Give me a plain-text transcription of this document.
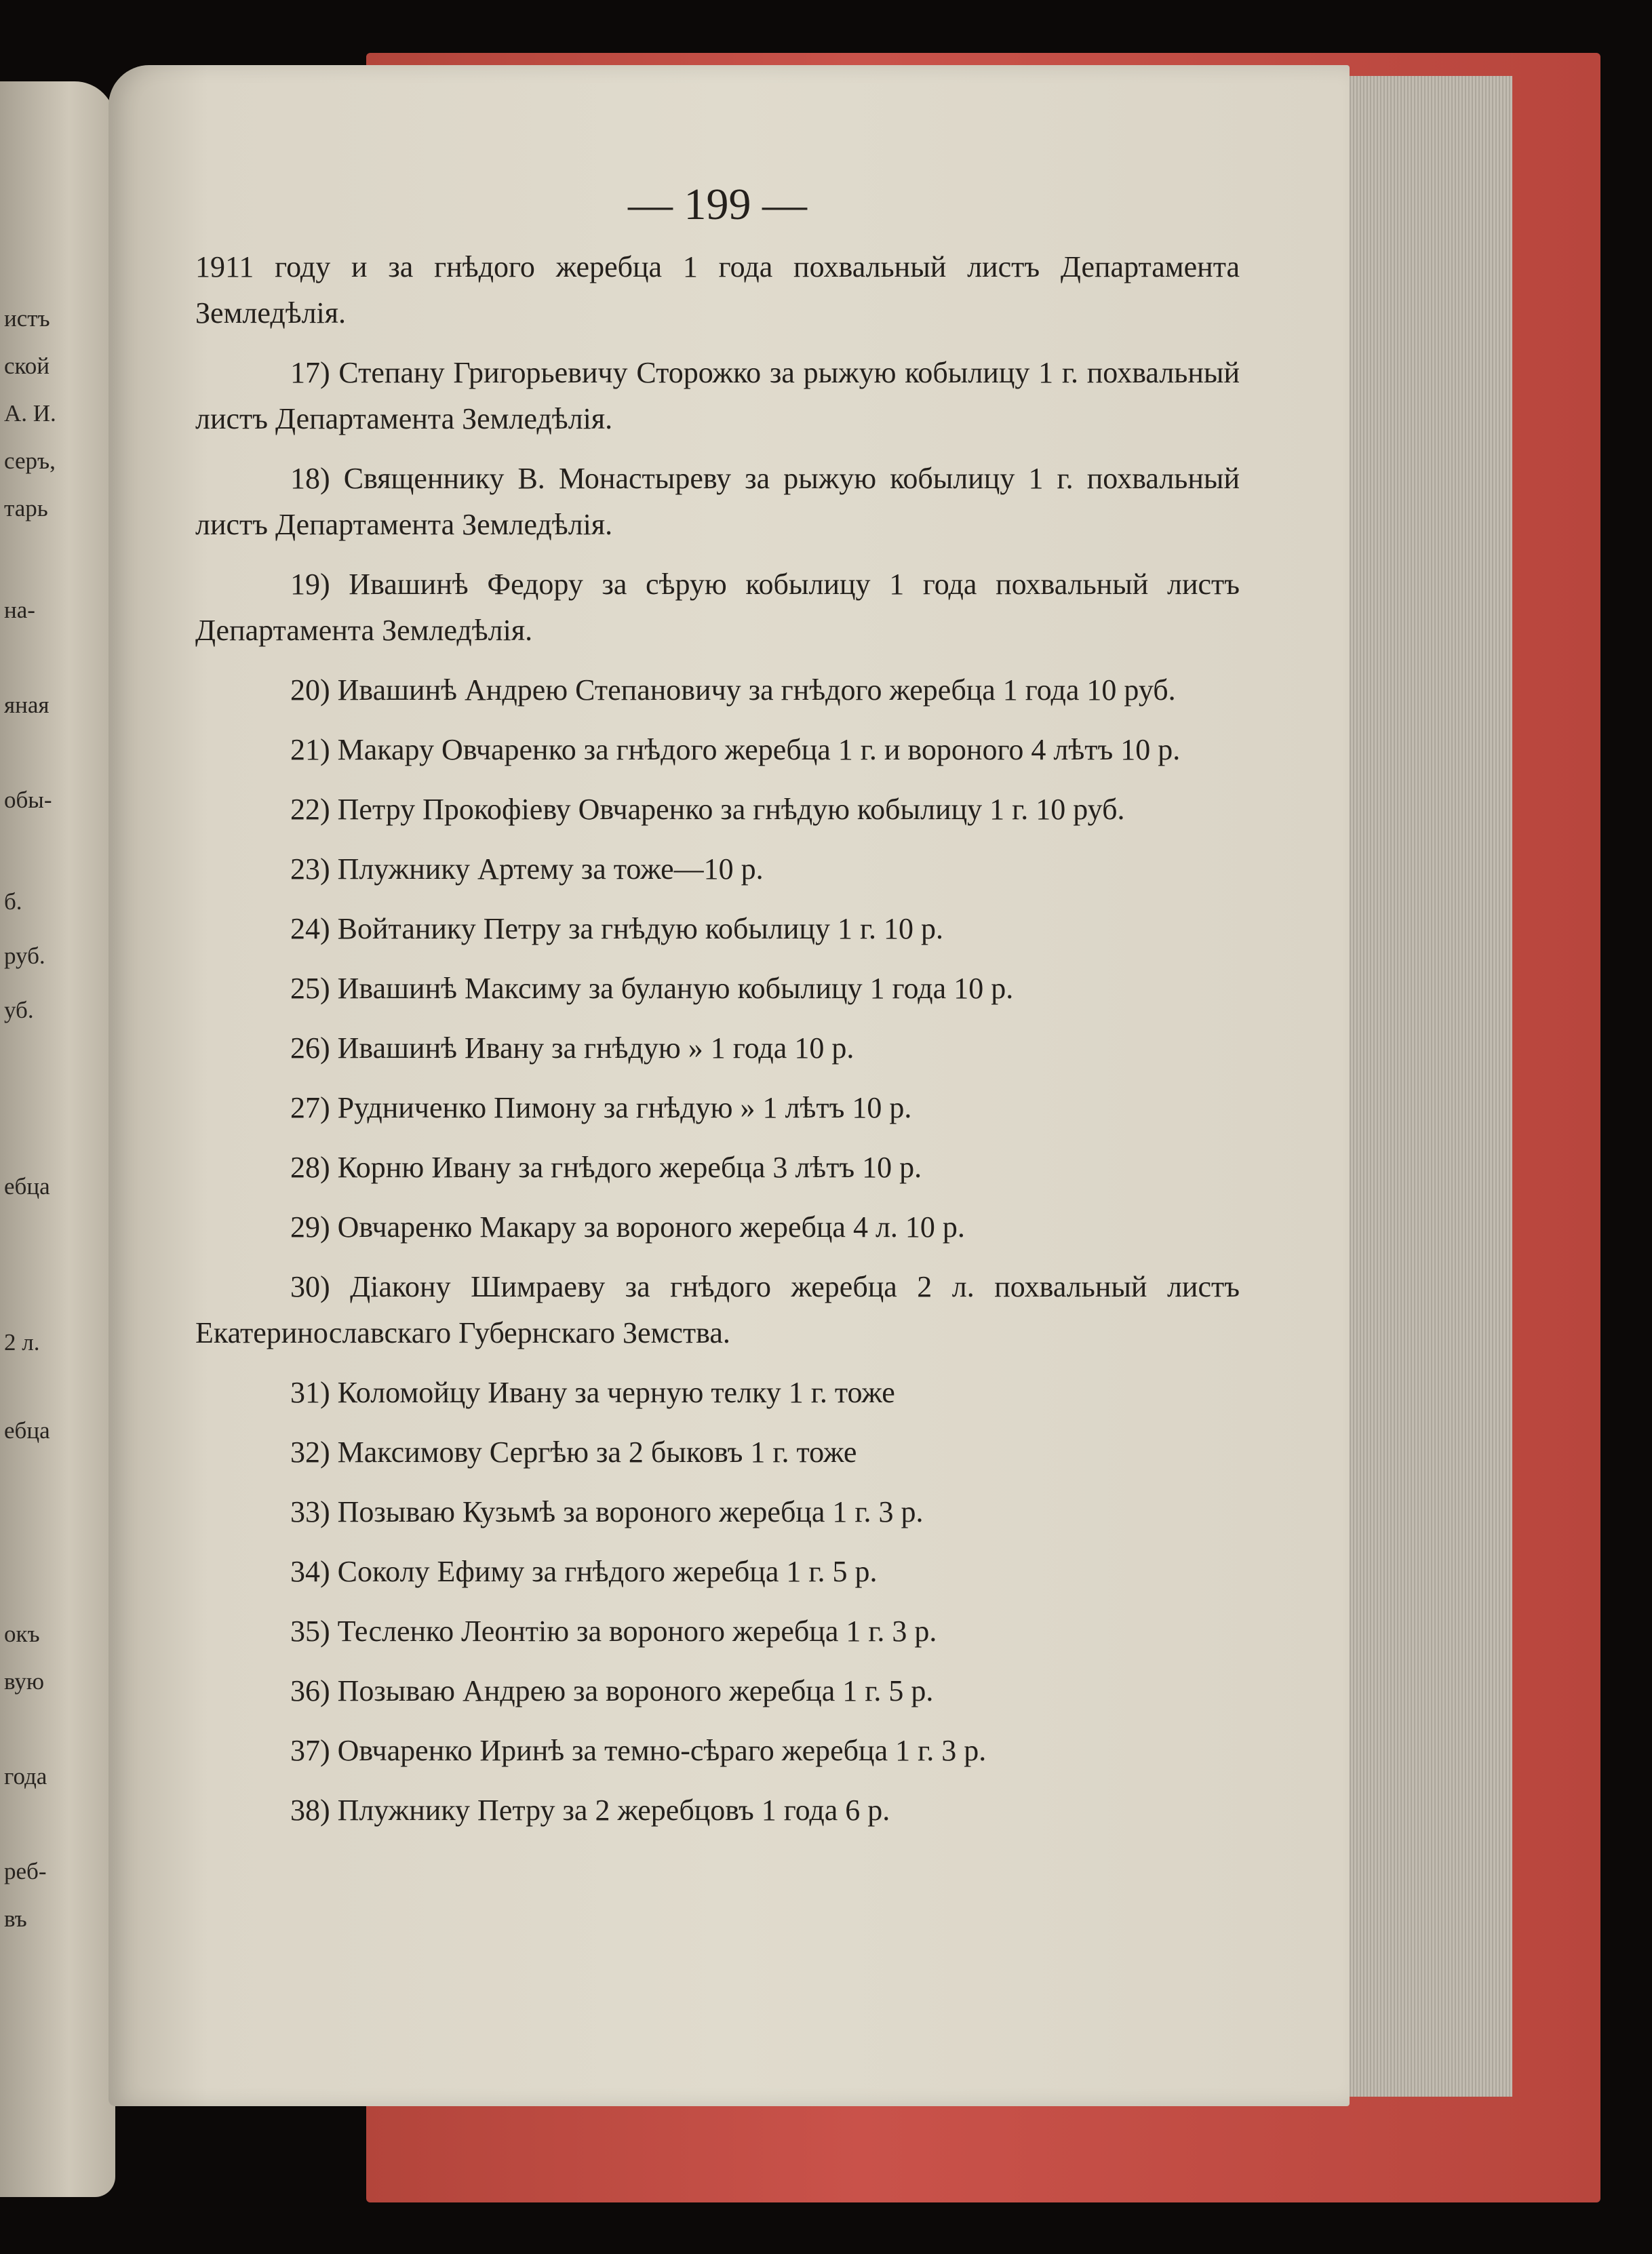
истъ
ской
А. И.
серъ,
тарь
на-
яная
обы-
б.
руб.
уб.
ебца
2 л.
ебца
окъ
вую
года
реб-
въ
— 199 —
1911 году и за гнѣдого жеребца 1 года похвальный листъ Департамента Земледѣлія.
17) Степану Григорьевичу Сторожко за рыжую кобылицу 1 г. похвальный листъ Департамента Земледѣлія.
18) Священнику В. Монастыреву за рыжую кобылицу 1 г. похвальный листъ Департамента Земледѣлія.
19) Ивашинѣ Федору за сѣрую кобылицу 1 года похвальный листъ Департамента Земледѣлія.
20) Ивашинѣ Андрею Степановичу за гнѣдого жеребца 1 года 10 руб.
21) Макару Овчаренко за гнѣдого жеребца 1 г. и вороного 4 лѣтъ 10 р.
22) Петру Прокофіеву Овчаренко за гнѣдую кобылицу 1 г. 10 руб.
23) Плужнику Артему за тоже—10 р.
24) Войтанику Петру за гнѣдую кобылицу 1 г. 10 р.
25) Ивашинѣ Максиму за буланую кобылицу 1 года 10 р.
26) Ивашинѣ Ивану за гнѣдую » 1 года 10 р.
27) Рудниченко Пимону за гнѣдую » 1 лѣтъ 10 р.
28) Корню Ивану за гнѣдого жеребца 3 лѣтъ 10 р.
29) Овчаренко Макару за вороного жеребца 4 л. 10 р.
30) Діакону Шимраеву за гнѣдого жеребца 2 л. похвальный листъ Екатеринославскаго Губернскаго Земства.
31) Коломойцу Ивану за черную телку 1 г. тоже
32) Максимову Сергѣю за 2 быковъ 1 г. тоже
33) Позываю Кузьмѣ за вороного жеребца 1 г. 3 р.
34) Соколу Ефиму за гнѣдого жеребца 1 г. 5 р.
35) Тесленко Леонтію за вороного жеребца 1 г. 3 р.
36) Позываю Андрею за вороного жеребца 1 г. 5 р.
37) Овчаренко Иринѣ за темно-сѣраго жеребца 1 г. 3 р.
38) Плужнику Петру за 2 жеребцовъ 1 года 6 р.
